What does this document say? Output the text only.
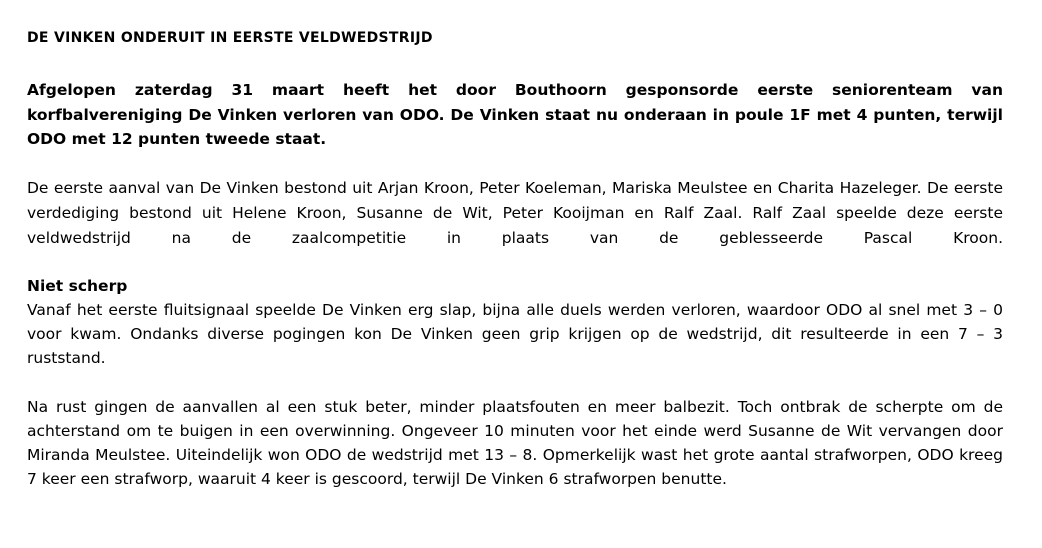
DE VINKEN ONDERUIT IN EERSTE VELDWEDSTRIJD

Afgelopen zaterdag 31 maart heeft het door Bouthoorn gesponsorde eerste seniorenteam van korfbalvereniging De Vinken verloren van ODO. De Vinken staat nu onderaan in poule 1F met 4 punten, terwijl ODO met 12 punten tweede staat.

De eerste aanval van De Vinken bestond uit Arjan Kroon, Peter Koeleman, Mariska Meulstee en Charita Hazeleger. De eerste verdediging bestond uit Helene Kroon, Susanne de Wit, Peter Kooijman en Ralf Zaal. Ralf Zaal speelde deze eerste veldwedstrijd na de zaalcompetitie in plaats van de geblesseerde Pascal Kroon.

Niet scherp

Vanaf het eerste fluitsignaal speelde De Vinken erg slap, bijna alle duels werden verloren, waardoor ODO al snel met 3 – 0 voor kwam. Ondanks diverse pogingen kon De Vinken geen grip krijgen op de wedstrijd, dit resulteerde in een 7 – 3 ruststand.

Na rust gingen de aanvallen al een stuk beter, minder plaatsfouten en meer balbezit. Toch ontbrak de scherpte om de achterstand om te buigen in een overwinning. Ongeveer 10 minuten voor het einde werd Susanne de Wit vervangen door Miranda Meulstee. Uiteindelijk won ODO de wedstrijd met 13 – 8. Opmerkelijk wast het grote aantal strafworpen, ODO kreeg 7 keer een strafworp, waaruit 4 keer is gescoord, terwijl De Vinken 6 strafworpen benutte.
